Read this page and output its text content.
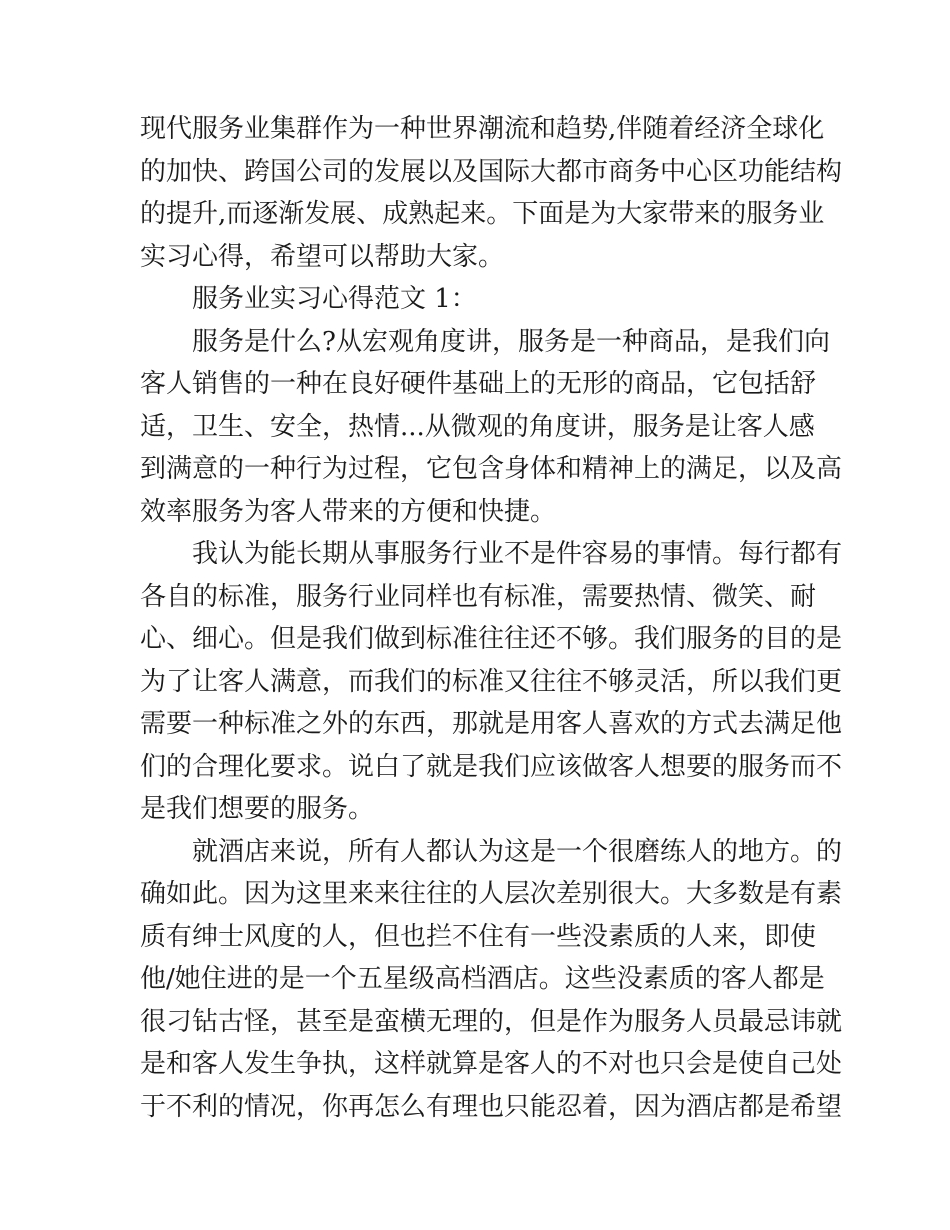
现代服务业集群作为一种世界潮流和趋势,伴随着经济全球化
的加快、跨国公司的发展以及国际大都市商务中心区功能结构
的提升,而逐渐发展、成熟起来。下面是为大家带来的服务业
实习心得，希望可以帮助大家。
服务业实习心得范文 1：
服务是什么?从宏观角度讲，服务是一种商品，是我们向
客人销售的一种在良好硬件基础上的无形的商品，它包括舒
适，卫生、安全，热情...从微观的角度讲，服务是让客人感
到满意的一种行为过程，它包含身体和精神上的满足，以及高
效率服务为客人带来的方便和快捷。
我认为能长期从事服务行业不是件容易的事情。每行都有
各自的标准，服务行业同样也有标准，需要热情、微笑、耐
心、细心。但是我们做到标准往往还不够。我们服务的目的是
为了让客人满意，而我们的标准又往往不够灵活，所以我们更
需要一种标准之外的东西，那就是用客人喜欢的方式去满足他
们的合理化要求。说白了就是我们应该做客人想要的服务而不
是我们想要的服务。
就酒店来说，所有人都认为这是一个很磨练人的地方。的
确如此。因为这里来来往往的人层次差别很大。大多数是有素
质有绅士风度的人，但也拦不住有一些没素质的人来，即使
他/她住进的是一个五星级高档酒店。这些没素质的客人都是
很刁钻古怪，甚至是蛮横无理的，但是作为服务人员最忌讳就
是和客人发生争执，这样就算是客人的不对也只会是使自己处
于不利的情况，你再怎么有理也只能忍着，因为酒店都是希望
